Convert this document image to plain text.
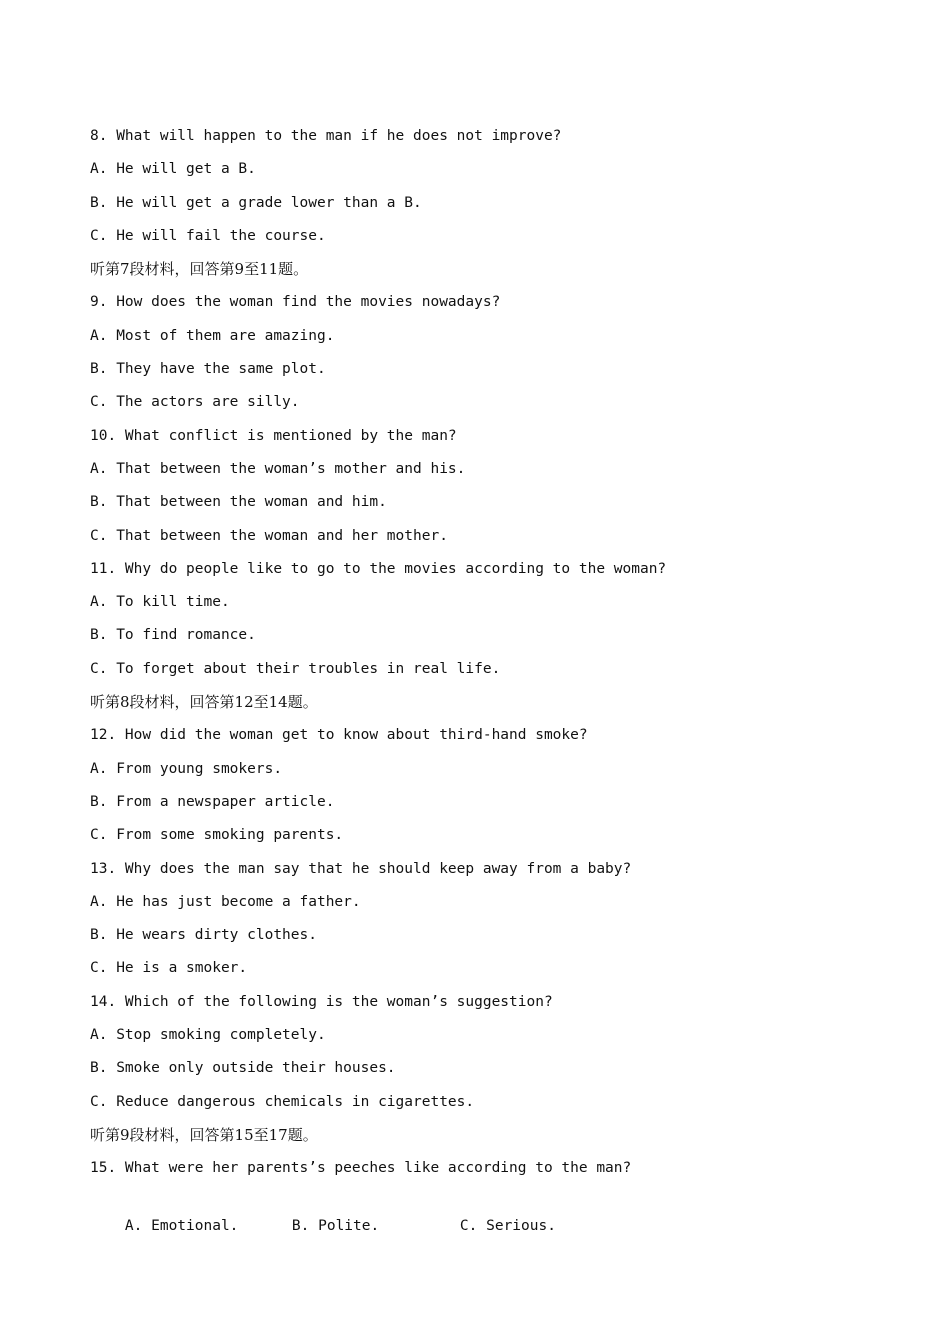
8. What will happen to the man if he does not improve?
A. He will get a B.
B. He will get a grade lower than a B.
C. He will fail the course.
听第7段材料，回答第9至11题。
9. How does the woman find the movies nowadays?
A. Most of them are amazing.
B. They have the same plot.
C. The actors are silly.
10. What conflict is mentioned by the man?
A. That between the woman’s mother and his.
B. That between the woman and him.
C. That between the woman and her mother.
11. Why do people like to go to the movies according to the woman?
A. To kill time.
B. To find romance.
C. To forget about their troubles in real life.
听第8段材料，回答第12至14题。
12. How did the woman get to know about third-hand smoke?
A. From young smokers.
B. From a newspaper article.
C. From some smoking parents.
13. Why does the man say that he should keep away from a baby?
A. He has just become a father.
B. He wears dirty clothes.
C. He is a smoker.
14. Which of the following is the woman’s suggestion?
A. Stop smoking completely.
B. Smoke only outside their houses.
C. Reduce dangerous chemicals in cigarettes.
听第9段材料，回答第15至17题。
15. What were her parents’s peeches like according to the man?

A. Emotional.	B. Polite.	C. Serious.
